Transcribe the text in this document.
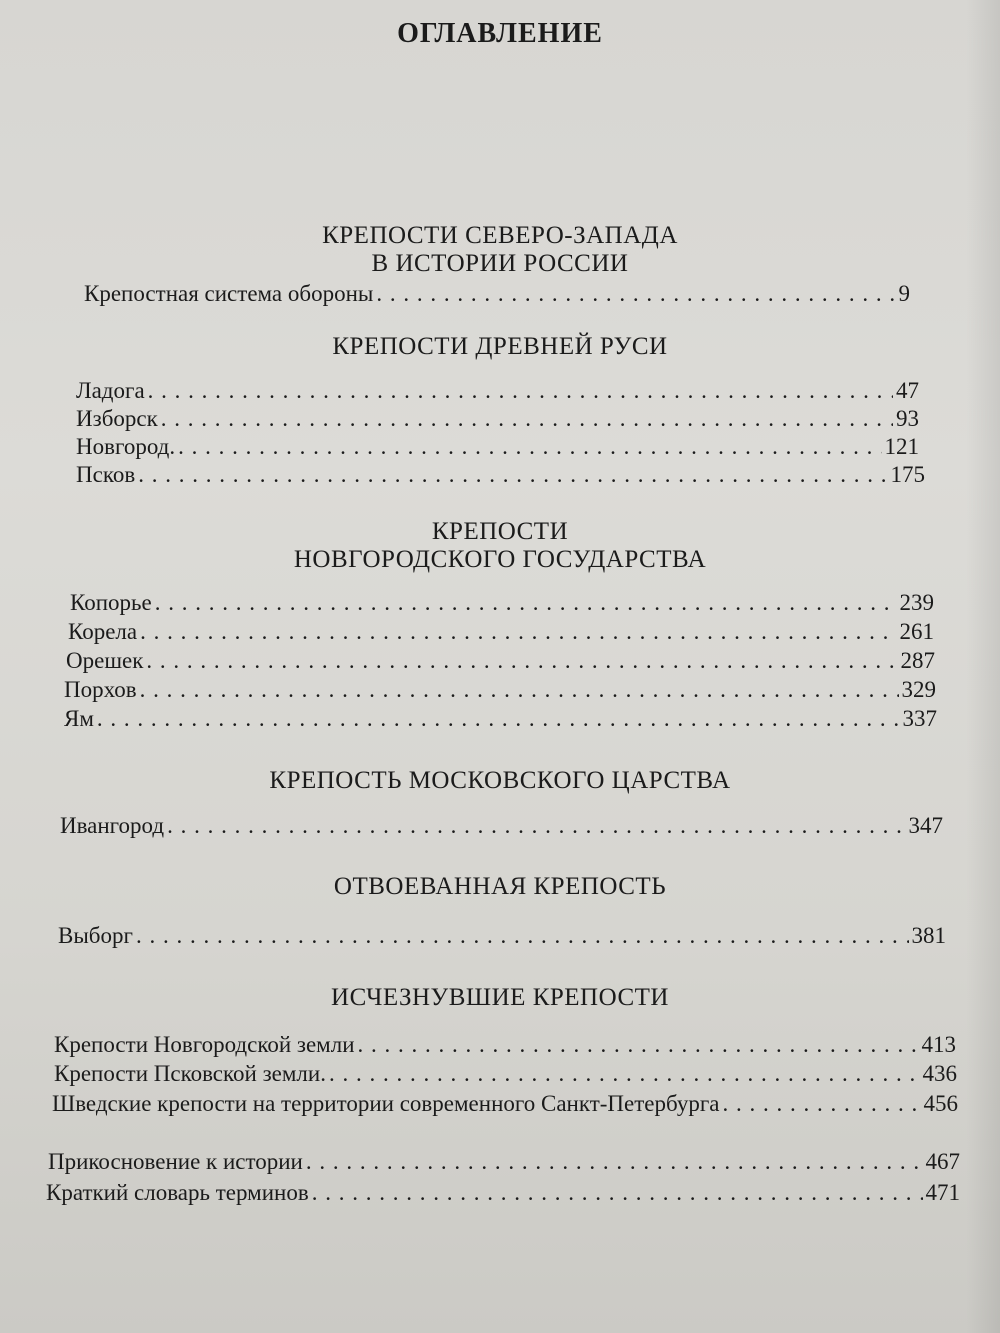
ОГЛАВЛЕНИЕ
КРЕПОСТИ СЕВЕРО-ЗАПАДА
В ИСТОРИИ РОССИИ
Крепостная система обороны . . .	9
КРЕПОСТИ ДРЕВНЕЙ РУСИ
Ладога . . .	47
Изборск . . .	93
Новгород. . . .	121
Псков . . .	175
КРЕПОСТИ
НОВГОРОДСКОГО ГОСУДАРСТВА
Копорье . . .	239
Корела . . .	261
Орешек . . .	287
Порхов . . .	329
Ям . . .	337
КРЕПОСТЬ МОСКОВСКОГО ЦАРСТВА
Ивангород . . .	347
ОТВОЕВАННАЯ КРЕПОСТЬ
Выборг . . .	381
ИСЧЕЗНУВШИЕ КРЕПОСТИ
Крепости Новгородской земли . . .	413
Крепости Псковской земли. . . .	436
Шведские крепости на территории современного Санкт-Петербурга . . .	456
Прикосновение к истории . . .	467
Краткий словарь терминов . . .	471
